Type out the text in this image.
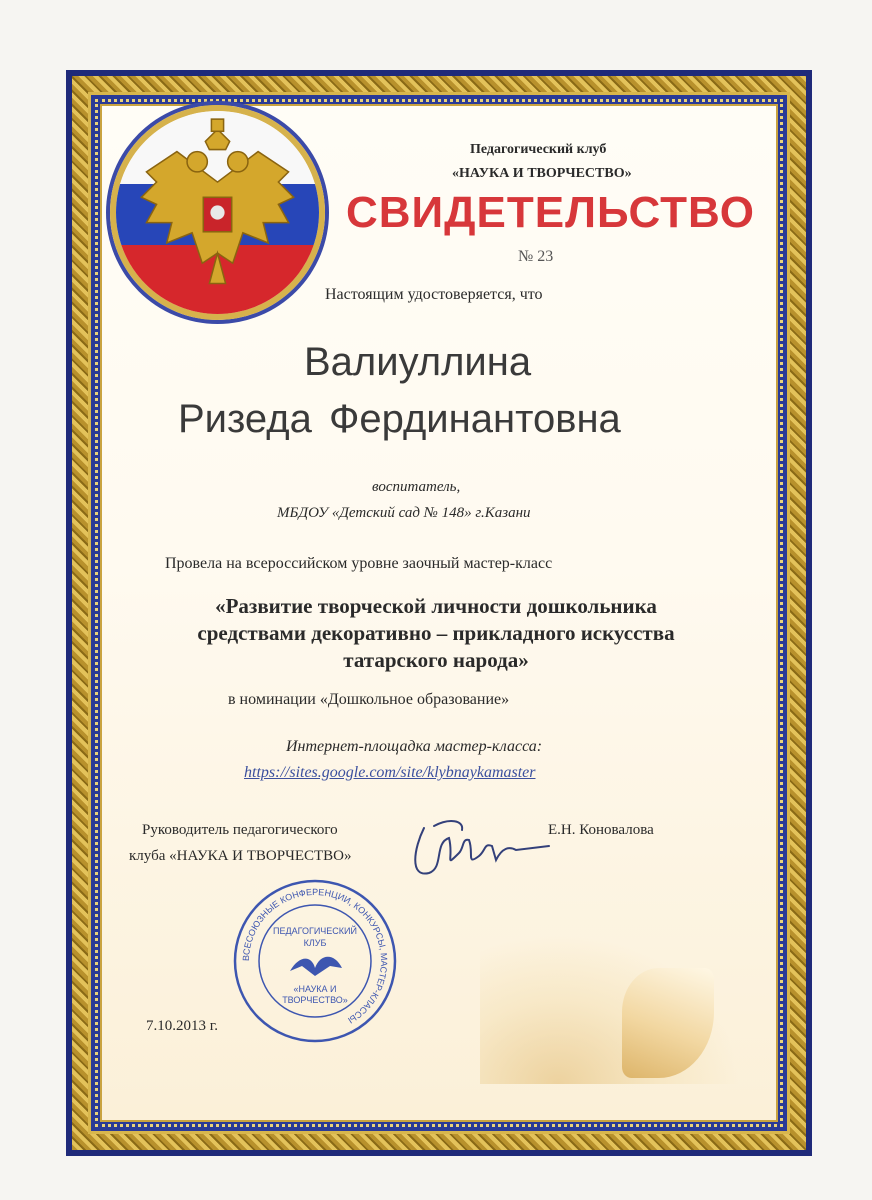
Педагогический клуб
«НАУКА И ТВОРЧЕСТВО»
СВИДЕТЕЛЬСТВО
№ 23
Настоящим удостоверяется, что
Валиуллина
Ризеда Фердинантовна
воспитатель,
МБДОУ «Детский сад № 148» г.Казани
Провела на всероссийском уровне заочный мастер-класс
«Развитие творческой личности дошкольника
средствами декоративно – прикладного искусства
татарского народа»
в номинации «Дошкольное образование»
Интернет-площадка мастер-класса:
https://sites.google.com/site/klybnaykamaster
Руководитель педагогического
клуба «НАУКА И ТВОРЧЕСТВО»
Е.Н. Коновалова
ВСЕСОЮЗНЫЕ КОНФЕРЕНЦИИ, КОНКУРСЫ, МАСТЕР-КЛАССЫ
ПЕДАГОГИЧЕСКИЙ
КЛУБ
«НАУКА И
ТВОРЧЕСТВО»
7.10.2013 г.
